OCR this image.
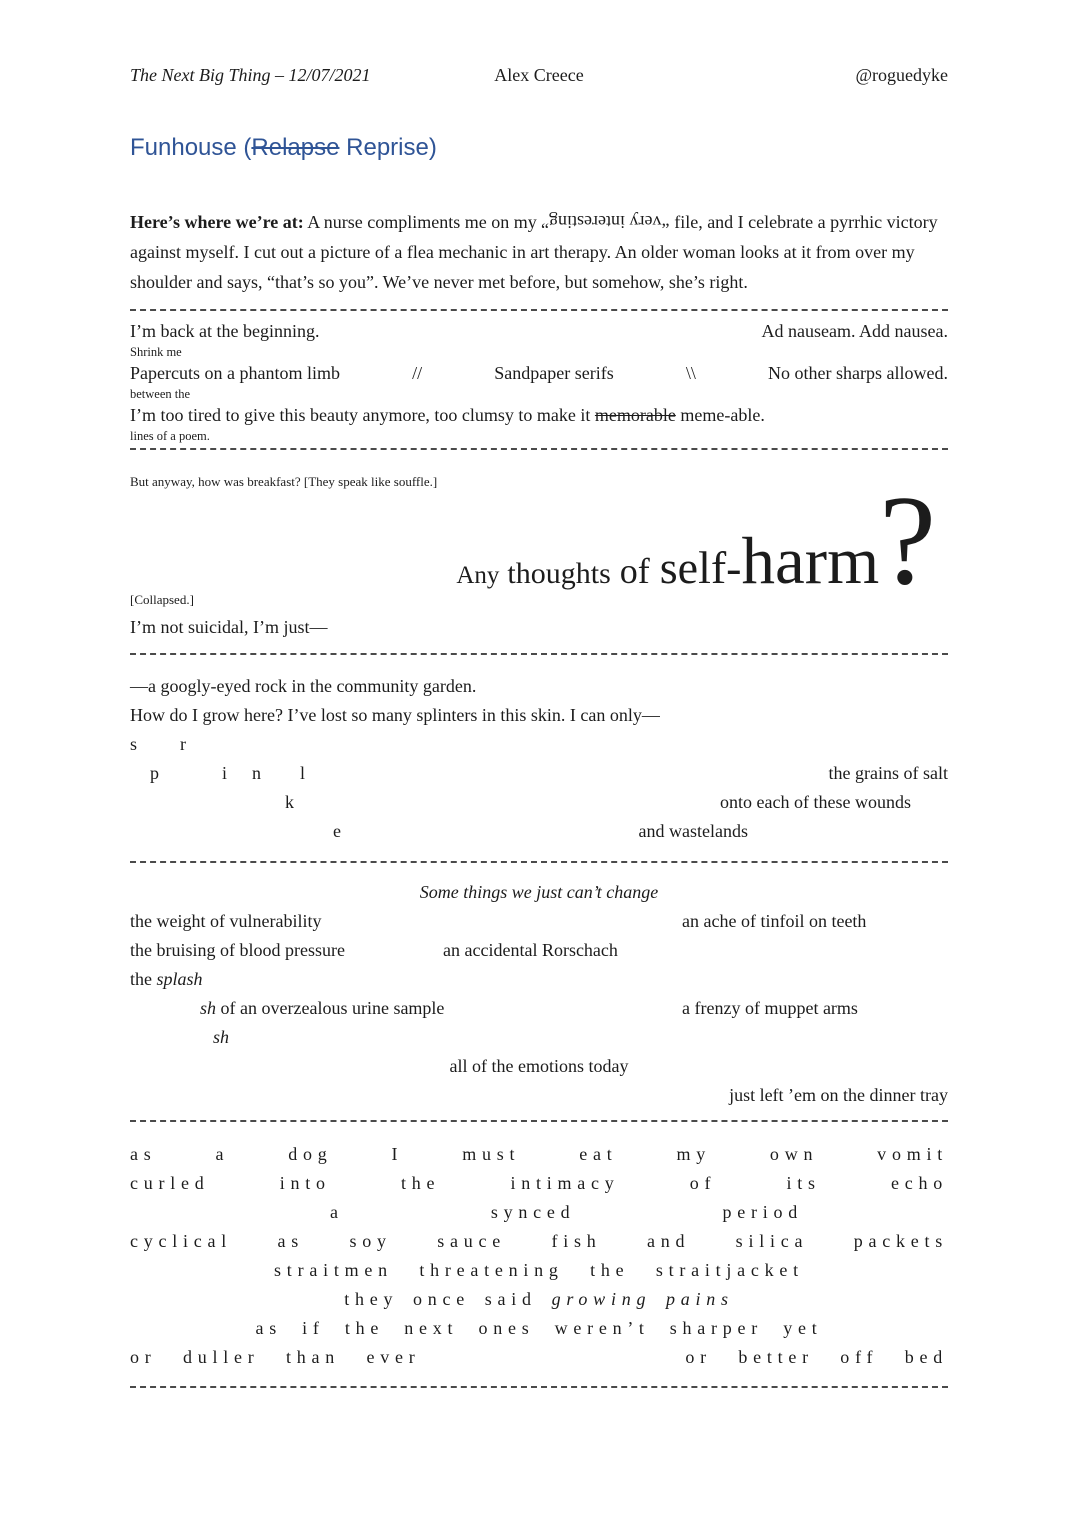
The Next Big Thing – 12/07/2021	Alex Creece	@roguedyke
Funhouse (Relapse Reprise)
Here’s where we’re at: A nurse compliments me on my “very interesting” file, and I celebrate a pyrrhic victory against myself. I cut out a picture of a flea mechanic in art therapy. An older woman looks at it from over my shoulder and says, “that’s so you”. We’ve never met before, but somehow, she’s right.
I’m back at the beginning.	Ad nauseam. Add nausea.
Shrink me
Papercuts on a phantom limb	//	Sandpaper serifs	\\	No other sharps allowed.
between the
I’m too tired to give this beauty anymore, too clumsy to make it memorable meme-able.
lines of a poem.
But anyway, how was breakfast? [They speak like souffle.]
Any thoughts of self-harm?
[Collapsed.]
I’m not suicidal, I’m just—
—a googly-eyed rock in the community garden.
How do I grow here? I’ve lost so many splinters in this skin. I can only—
s r
p	i n l	the grains of salt
k	onto each of these wounds
e	and wastelands
Some things we just can’t change
the weight of vulnerability	an ache of tinfoil on teeth
the bruising of blood pressure	an accidental Rorschach
the splash
sh of an overzealous urine sample	a frenzy of muppet arms
sh
all of the emotions today
just left ’em on the dinner tray
as a dog I must eat my own vomit
curled into the intimacy of its echo
a synced period
cyclical as soy sauce fish and silica packets
straitmen threatening the straitjacket
they once said growing pains
as if the next ones weren’t sharper yet
or duller than ever	or better off bed
